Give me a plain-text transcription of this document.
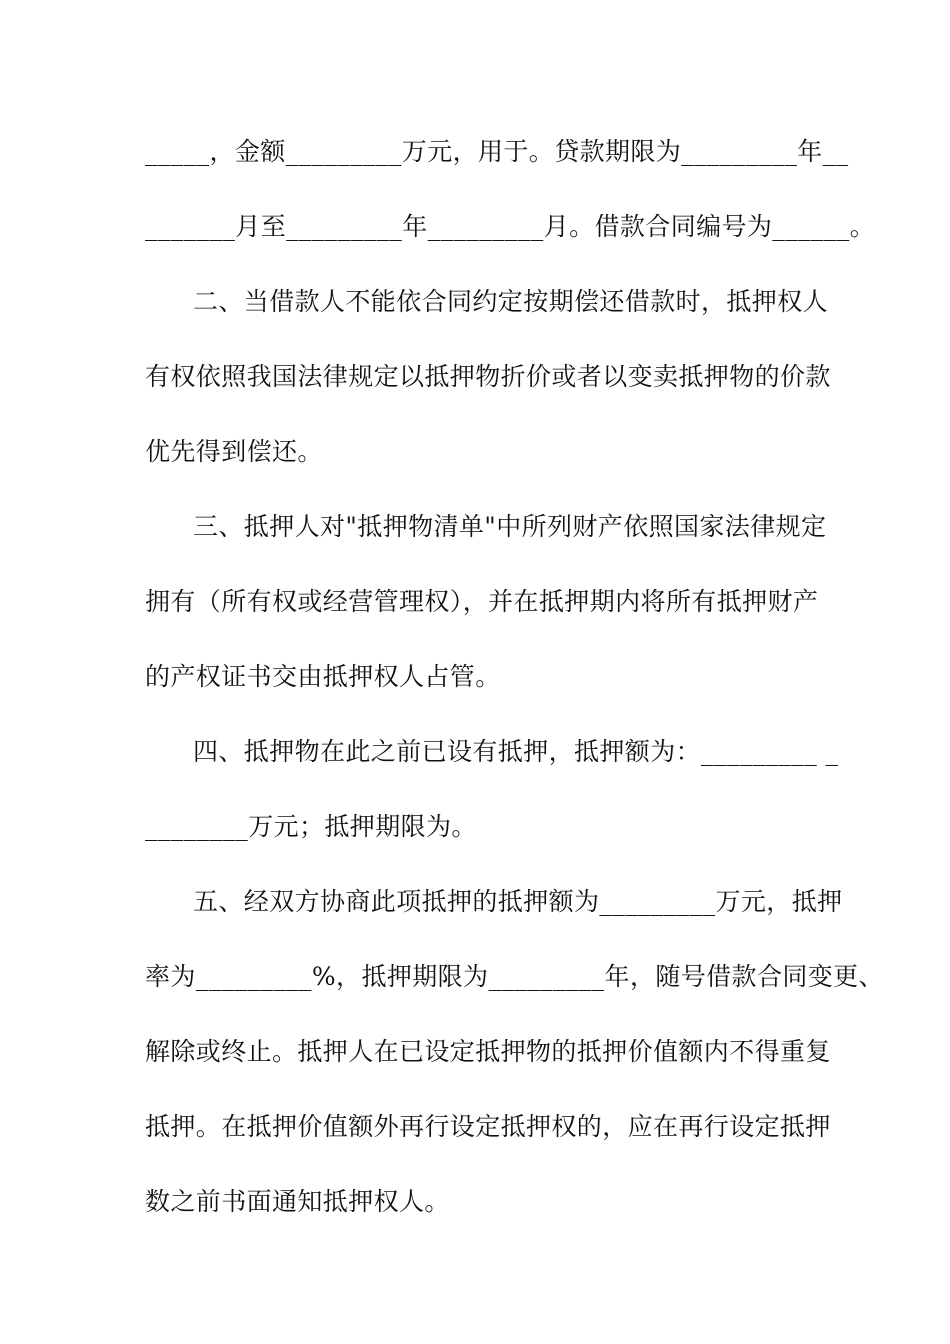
_____，金额_________万元，用于。贷款期限为_________年__
_______月至_________年_________月。借款合同编号为______。
二、当借款人不能依合同约定按期偿还借款时，抵押权人
有权依照我国法律规定以抵押物折价或者以变卖抵押物的价款
优先得到偿还。
三、抵押人对"抵押物清单"中所列财产依照国家法律规定
拥有（所有权或经营管理权），并在抵押期内将所有抵押财产
的产权证书交由抵押权人占管。
四、抵押物在此之前已设有抵押，抵押额为：_________ _
________万元；抵押期限为。
五、经双方协商此项抵押的抵押额为_________万元，抵押
率为_________%，抵押期限为_________年，随号借款合同变更、
解除或终止。抵押人在已设定抵押物的抵押价值额内不得重复
抵押。在抵押价值额外再行设定抵押权的，应在再行设定抵押
数之前书面通知抵押权人。
